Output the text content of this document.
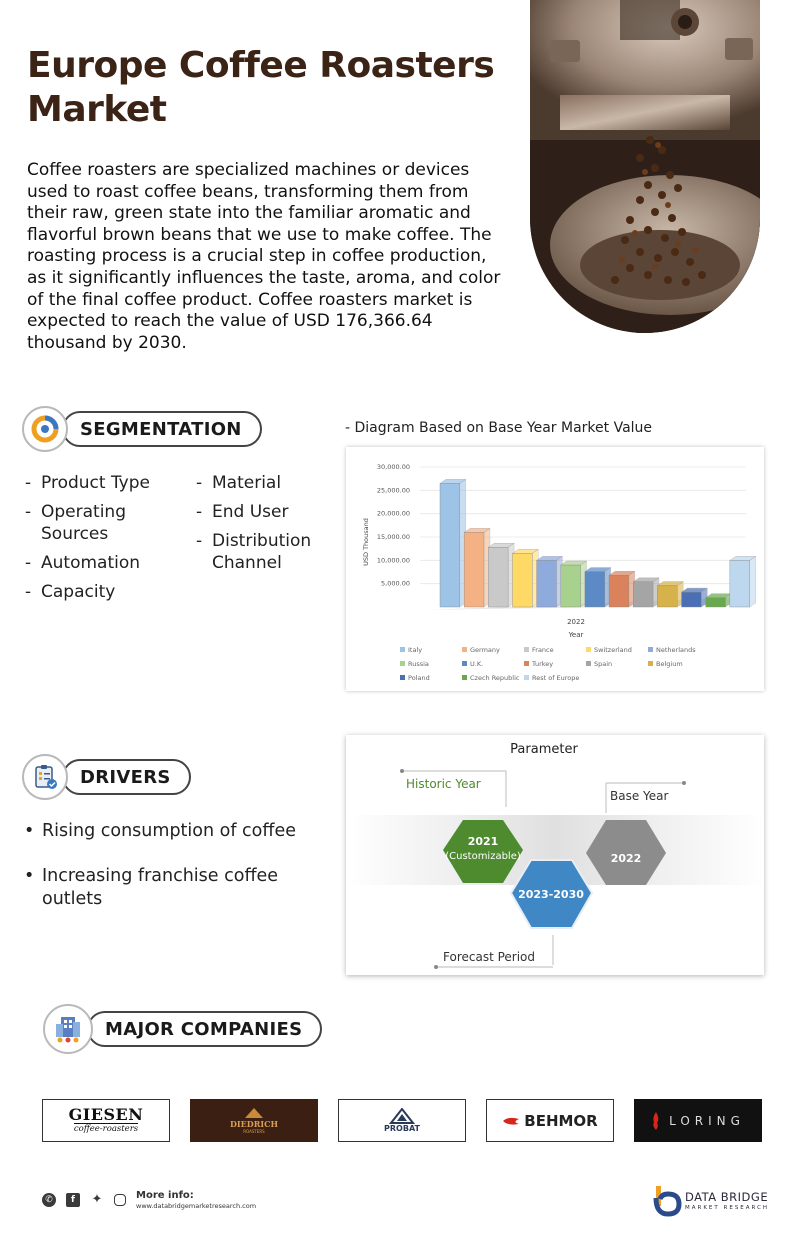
Europe Coffee Roasters Market

Coffee roasters are specialized machines or devices used to roast coffee beans, transforming them from their raw, green state into the familiar aromatic and flavorful brown beans that we use to make coffee. The roasting process is a crucial step in coffee production, as it significantly influences the taste, aroma, and color of the final coffee product. Coffee roasters market is expected to reach the value of USD 176,366.64 thousand by 2030.

SEGMENTATION
- Product Type
- Operating Sources
- Automation
- Capacity
- Material
- End User
- Distribution Channel
- Diagram Based on Base Year Market Value
5,000.00
10,000.00
15,000.00
20,000.00
25,000.00
30,000.00
USD Thousand
2022
Year
Italy	Germany	France	Switzerland	Netherlands
Russia	U.K.	Turkey	Spain	Belgium
Poland	Czech Republic Rest of Europe
DRIVERS
• Rising consumption of coffee
• Increasing franchise coffee outlets
Parameter
Historic Year
Base Year
Forecast Period
2021
(Customizable)
2023-2030
2022
MAJOR COMPANIES
GIESEN
coffee-roasters	DIEDRICH
ROASTERS	PROBAT	BEHMOR	LORING
✆	f	✦	More info:
www.databridgemarketresearch.com
DATA BRIDGE
MARKET RESEARCH
